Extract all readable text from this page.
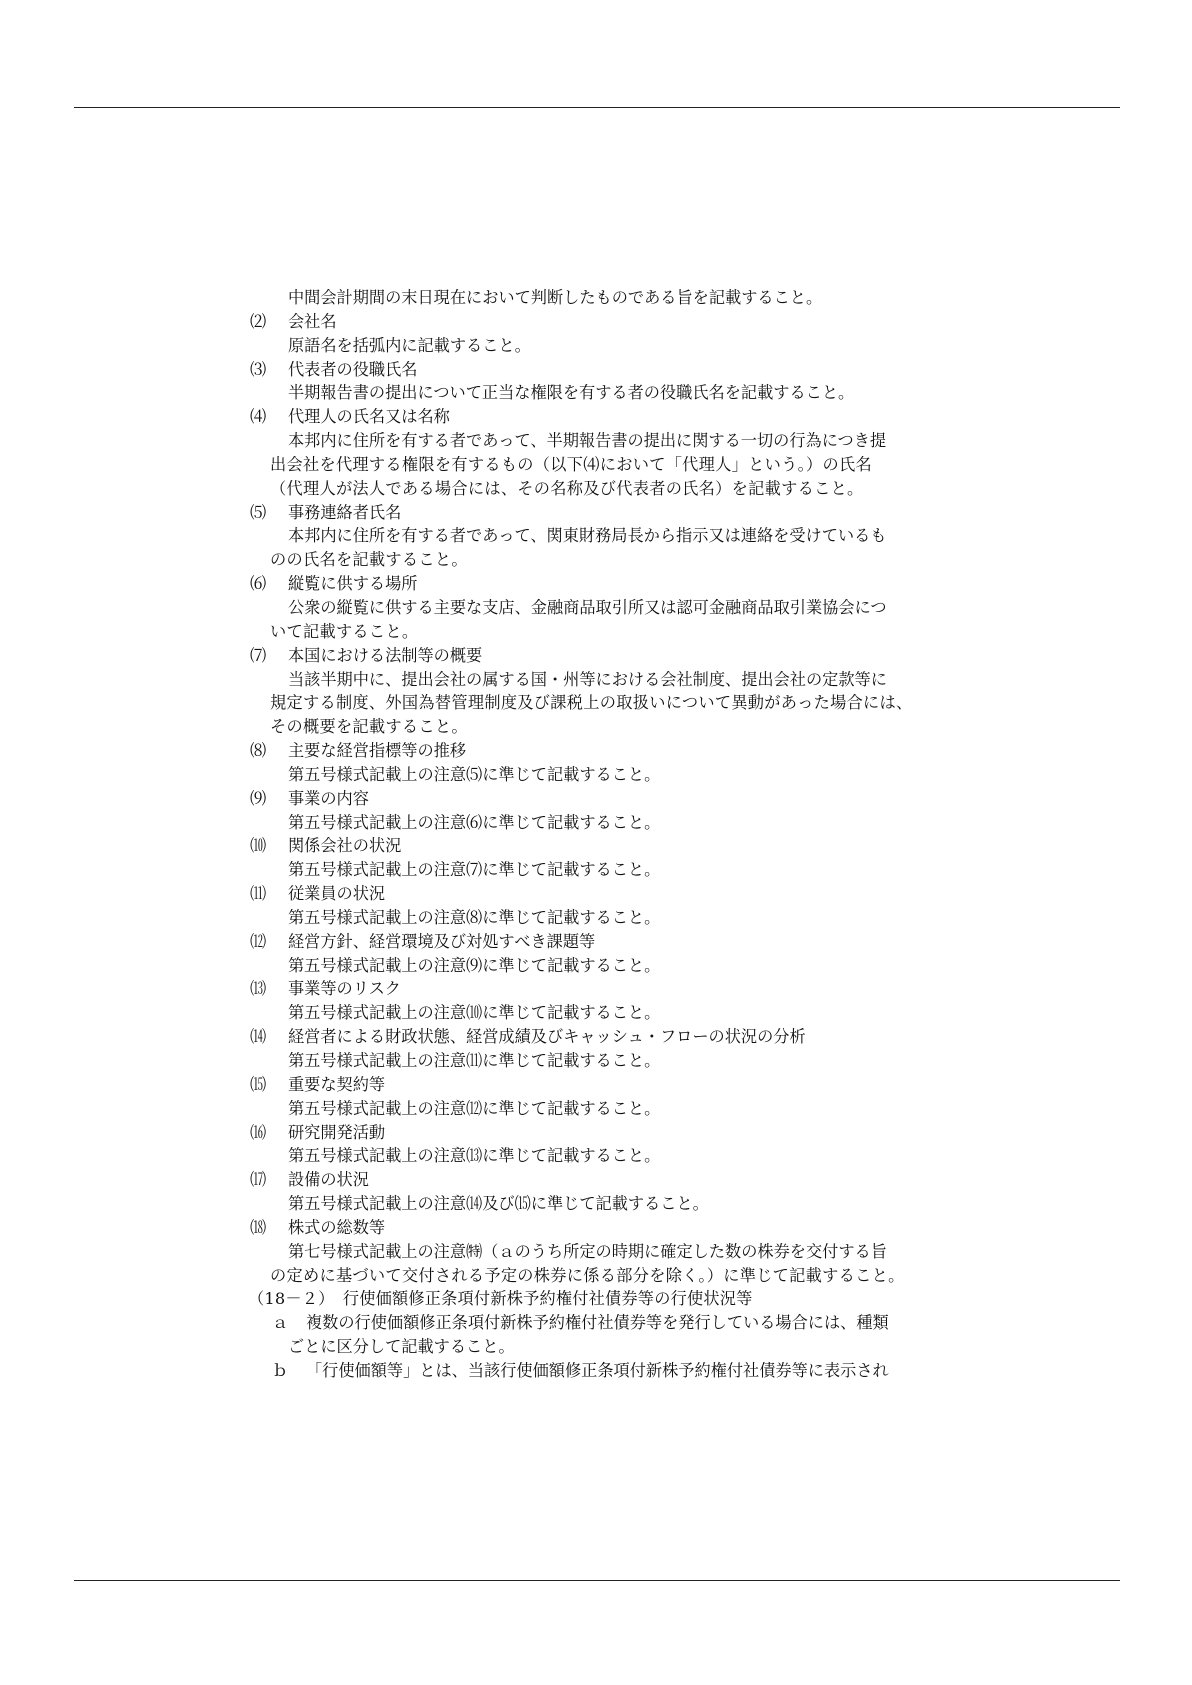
中間会計期間の末日現在において判断したものである旨を記載すること。
⑵ 会社名
原語名を括弧内に記載すること。
⑶ 代表者の役職氏名
半期報告書の提出について正当な権限を有する者の役職氏名を記載すること。
⑷ 代理人の氏名又は名称
本邦内に住所を有する者であって、半期報告書の提出に関する一切の行為につき提
出会社を代理する権限を有するもの（以下⑷において「代理人」という。）の氏名
（代理人が法人である場合には、その名称及び代表者の氏名）を記載すること。
⑸ 事務連絡者氏名
本邦内に住所を有する者であって、関東財務局長から指示又は連絡を受けているも
のの氏名を記載すること。
⑹ 縦覧に供する場所
公衆の縦覧に供する主要な支店、金融商品取引所又は認可金融商品取引業協会につ
いて記載すること。
⑺ 本国における法制等の概要
当該半期中に、提出会社の属する国・州等における会社制度、提出会社の定款等に
規定する制度、外国為替管理制度及び課税上の取扱いについて異動があった場合には、
その概要を記載すること。
⑻ 主要な経営指標等の推移
第五号様式記載上の注意⑸に準じて記載すること。
⑼ 事業の内容
第五号様式記載上の注意⑹に準じて記載すること。
⑽ 関係会社の状況
第五号様式記載上の注意⑺に準じて記載すること。
⑾ 従業員の状況
第五号様式記載上の注意⑻に準じて記載すること。
⑿ 経営方針、経営環境及び対処すべき課題等
第五号様式記載上の注意⑼に準じて記載すること。
⒀ 事業等のリスク
第五号様式記載上の注意⑽に準じて記載すること。
⒁ 経営者による財政状態、経営成績及びキャッシュ・フローの状況の分析
第五号様式記載上の注意⑾に準じて記載すること。
⒂ 重要な契約等
第五号様式記載上の注意⑿に準じて記載すること。
⒃ 研究開発活動
第五号様式記載上の注意⒀に準じて記載すること。
⒄ 設備の状況
第五号様式記載上の注意⒁及び⒂に準じて記載すること。
⒅ 株式の総数等
第七号様式記載上の注意㈵（ａのうち所定の時期に確定した数の株券を交付する旨
の定めに基づいて交付される予定の株券に係る部分を除く。）に準じて記載すること。
（18－２）　行使価額修正条項付新株予約権付社債券等の行使状況等
ａ 複数の行使価額修正条項付新株予約権付社債券等を発行している場合には、種類
ごとに区分して記載すること。
ｂ 「行使価額等」とは、当該行使価額修正条項付新株予約権付社債券等に表示され
